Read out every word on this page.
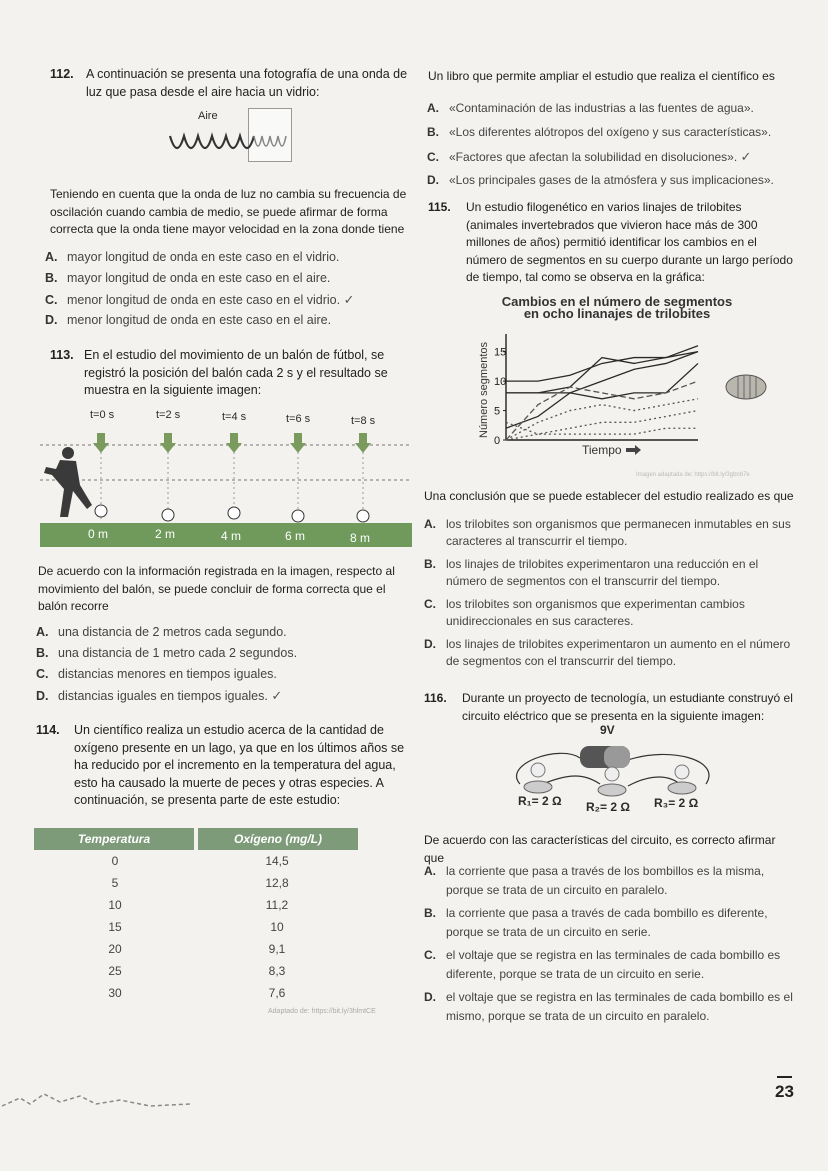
112. A continuación se presenta una fotografía de una onda de luz que pasa desde el aire hacia un vidrio:
Aire
Teniendo en cuenta que la onda de luz no cambia su frecuencia de oscilación cuando cambia de medio, se puede afirmar de forma correcta que la onda tiene mayor velocidad en la zona donde tiene
A. mayor longitud de onda en este caso en el vidrio.
B. mayor longitud de onda en este caso en el aire.
C. menor longitud de onda en este caso en el vidrio. ✓
D. menor longitud de onda en este caso en el aire.
113. En el estudio del movimiento de un balón de fútbol, se registró la posición del balón cada 2 s y el resultado se muestra en la siguiente imagen:
t=0 s	t=2 s	t=4 s	t=6 s	t=8 s
0 m	2 m	4 m	6 m	8 m
De acuerdo con la información registrada en la imagen, respecto al movimiento del balón, se puede concluir de forma correcta que el balón recorre
A. una distancia de 2 metros cada segundo.
B. una distancia de 1 metro cada 2 segundos.
C. distancias menores en tiempos iguales.
D. distancias iguales en tiempos iguales. ✓
114.	Un científico realiza un estudio acerca de la cantidad de oxígeno presente en un lago, ya que en los últimos años se ha reducido por el incremento en la temperatura del agua, esto ha causado la muerte de peces y otras especies. A continuación, se presenta parte de este estudio:
Temperatura	Oxígeno (mg/L)
0	14,5
5	12,8
10	11,2
15	10
20	9,1
25	8,3
30	7,6
Adaptado de: https://bit.ly/3hlmtCE
Un libro que permite ampliar el estudio que realiza el científico es
A. «Contaminación de las industrias a las fuentes de agua».
B. «Los diferentes alótropos del oxígeno y sus características».
C. «Factores que afectan la solubilidad en disoluciones». ✓
D. «Los principales gases de la atmósfera y sus implicaciones».
115.	Un estudio filogenético en varios linajes de trilobites (animales invertebrados que vivieron hace más de 300 millones de años) permitió identificar los cambios en el número de segmentos en su cuerpo durante un largo período de tiempo, tal como se observa en la gráfica:
Cambios en el número de segmentos
en ocho linanajes de trilobites
0
5
10
15
Número segmentos
Tiempo
Imagen adaptada de: https://bit.ly/3gbnb7e
Una conclusión que se puede establecer del estudio realizado es que
A. los trilobites son organismos que permanecen inmutables en sus caracteres al transcurrir el tiempo.
B. los linajes de trilobites experimentaron una reducción en el número de segmentos con el transcurrir del tiempo.
C. los trilobites son organismos que experimentan cambios unidireccionales en sus caracteres.
D. los linajes de trilobites experimentaron un aumento en el número de segmentos con el transcurrir del tiempo.
116.	Durante un proyecto de tecnología, un estudiante construyó el circuito eléctrico que se presenta en la siguiente imagen:
9V
R₁= 2 Ω R₂= 2 Ω R₃= 2 Ω
De acuerdo con las características del circuito, es correcto afirmar que
A. la corriente que pasa a través de los bombillos es la misma, porque se trata de un circuito en paralelo.
B. la corriente que pasa a través de cada bombillo es diferente, porque se trata de un circuito en serie.
C. el voltaje que se registra en las terminales de cada bombillo es diferente, porque se trata de un circuito en serie.
D. el voltaje que se registra en las terminales de cada bombillo es el mismo, porque se trata de un circuito en paralelo.
23
